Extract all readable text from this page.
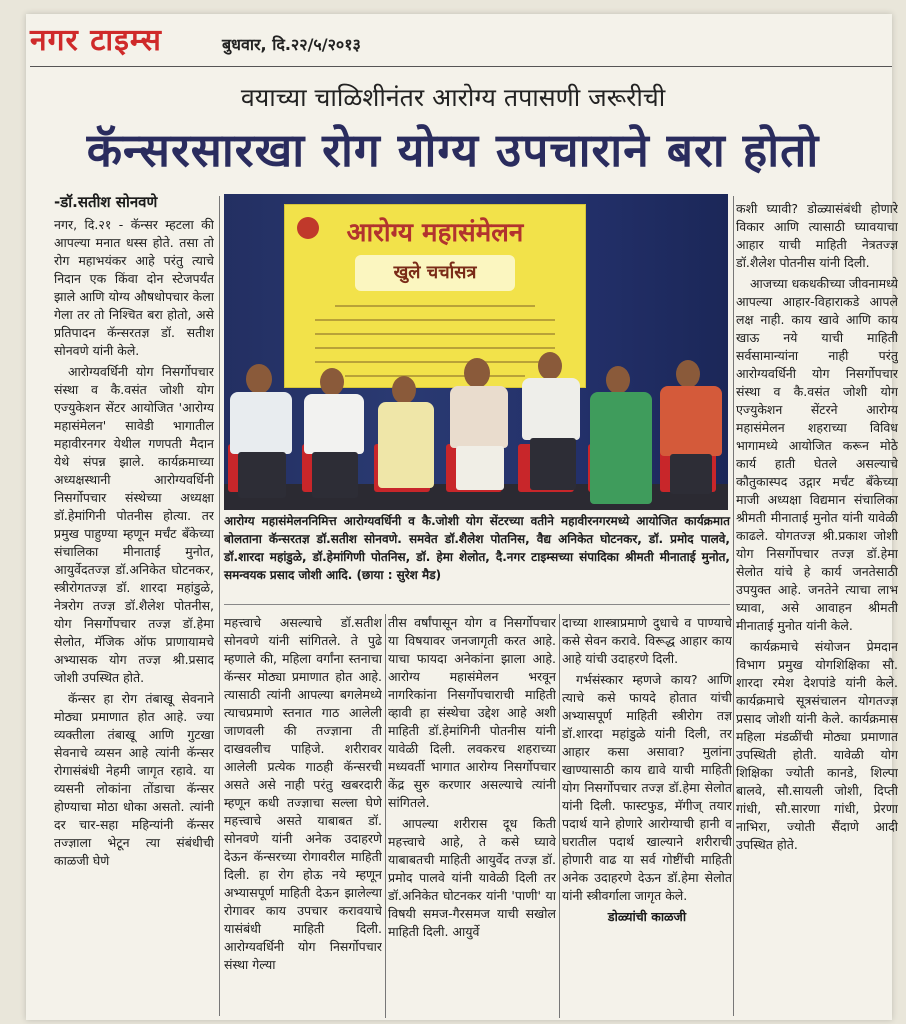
नगर टाइम्स	बुधवार, दि.२२/५/२०१३
वयाच्या चाळिशीनंतर आरोग्य तपासणी जरूरीची
कॅन्सरसारखा रोग योग्य उपचाराने बरा होतो
-डॉ.सतीश सोनवणे

नगर, दि.२१ - कॅन्सर म्हटला की आपल्या मनात धस्स होते. तसा तो रोग महाभयंकर आहे परंतु त्याचे निदान एक किंवा दोन स्टेजपर्यंत झाले आणि योग्य औषधोपचार केला गेला तर तो निश्चित बरा होतो, असे प्रतिपादन कॅन्सरतज्ञ डॉ. सतीश सोनवणे यांनी केले.

आरोग्यवर्धिनी योग निसर्गोपचार संस्था व कै.वसंत जोशी योग एज्युकेशन सेंटर आयोजित 'आरोग्य महासंमेलन' सावेडी भागातील महावीरनगर येथील गणपती मैदान येथे संपन्न झाले. कार्यक्रमाच्या अध्यक्षस्थानी आरोग्यवर्धिनी निसर्गोपचार संस्थेच्या अध्यक्षा डॉ.हेमांगिनी पोतनीस होत्या. तर प्रमुख पाहुण्या म्हणून मर्चंट बँकेच्या संचालिका मीनाताई मुनोत, आयुर्वेदतज्ज्ञ डॉ.अनिकेत घोटनकर, स्त्रीरोगतज्ज्ञ डॉ. शारदा महांडुळे, नेत्ररोग तज्ज्ञ डॉ.शैलेश पोतनीस, योग निसर्गोपचार तज्ज्ञ डॉ.हेमा सेलोत, मॅजिक ऑफ प्राणायामचे अभ्यासक योग तज्ज्ञ श्री.प्रसाद जोशी उपस्थित होते.

कॅन्सर हा रोग तंबाखू सेवनाने मोठ्या प्रमाणात होत आहे. ज्या व्यक्तीला तंबाखू आणि गुटखा सेवनाचे व्यसन आहे त्यांनी कॅन्सर रोगासंबंधी नेहमी जागृत रहावे. या व्यसनी लोकांना तोंडाचा कॅन्सर होण्याचा मोठा धोका असतो. त्यांनी दर चार-सहा महिन्यांनी कॅन्सर तज्ज्ञाला भेटून त्या संबंधीची काळजी घेणे

आरोग्य महासंमेलन
खुले चर्चासत्र
आरोग्य महासंमेलननिमित्त आरोग्यवर्धिनी व कै.जोशी योग सेंटरच्या वतीने महावीरनगरमध्ये आयोजित कार्यक्रमात बोलताना कॅन्सरतज्ञ डॉ.सतीश सोनवणे. समवेत डॉ.शैलेश पोतनिस, वैद्य अनिकेत घोटनकर, डॉ. प्रमोद पालवे, डॉ.शारदा महांडुळे, डॉ.हेमांगिणी पोतनिस, डॉ. हेमा शेलोत, दै.नगर टाइम्सच्या संपादिका श्रीमती मीनाताई मुनोत, समन्वयक प्रसाद जोशी आदि. (छाया : सुरेश मैड)

महत्त्वाचे असल्याचे डॉ.सतीश सोनवणे यांनी सांगितले. ते पुढे म्हणाले की, महिला वर्गांना स्तनाचा कॅन्सर मोठ्या प्रमाणात होत आहे. त्यासाठी त्यांनी आपल्या बगलेमध्ये त्याचप्रमाणे स्तनात गाठ आलेली जाणवली की तज्ज्ञाना ती दाखवलीच पाहिजे. शरीरावर आलेली प्रत्येक गाठही कॅन्सरची असते असे नाही परंतु खबरदारी म्हणून कधी तज्ज्ञाचा सल्ला घेणे महत्त्वाचे असते याबाबत डॉ. सोनवणे यांनी अनेक उदाहरणे देऊन कॅन्सरच्या रोगावरील माहिती दिली. हा रोग होऊ नये म्हणून अभ्यासपूर्ण माहिती देऊन झालेल्या रोगावर काय उपचार करावयाचे यासंबंधी माहिती दिली. आरोग्यवर्धिनी योग निसर्गोपचार संस्था गेल्या

तीस वर्षांपासून योग व निसर्गोपचार या विषयावर जनजागृती करत आहे. याचा फायदा अनेकांना झाला आहे. आरोग्य महासंमेलन भरवून नागरिकांना निसर्गोपचाराची माहिती व्हावी हा संस्थेचा उद्देश आहे अशी माहिती डॉ.हेमांगिनी पोतनीस यांनी यावेळी दिली. लवकरच शहराच्या मध्यवर्ती भागात आरोग्य निसर्गोपचार केंद्र सुरु करणार असल्याचे त्यांनी सांगितले.

आपल्या शरीरास दूध किती महत्त्वाचे आहे, ते कसे घ्यावे याबाबतची माहिती आयुर्वेद तज्ज्ञ डॉ. प्रमोद पालवे यांनी यावेळी दिली तर डॉ.अनिकेत घोटनकर यांनी 'पाणी' या विषयी समज-गैरसमज याची सखोल माहिती दिली. आयुर्वे

दाच्या शास्त्राप्रमाणे दुधाचे व पाण्याचे कसे सेवन करावे. विरूद्ध आहार काय आहे यांची उदाहरणे दिली.

गर्भसंस्कार म्हणजे काय? आणि त्याचे कसे फायदे होतात यांची अभ्यासपूर्ण माहिती स्त्रीरोग तज्ञ डॉ.शारदा महांडुळे यांनी दिली, तर आहार कसा असावा? मुलांना खाण्यासाठी काय द्यावे याची माहिती योग निसर्गोपचार तज्ज्ञ डॉ.हेमा सेलोत यांनी दिली. फास्टफुड, मॅगीज् तयार पदार्थ याने होणारे आरोग्याची हानी व घरातील पदार्थ खाल्याने शरीराची होणारी वाढ या सर्व गोष्टींची माहिती अनेक उदाहरणे देऊन डॉ.हेमा सेलोत यांनी स्त्रीवर्गाला जागृत केले.

डोळ्यांची काळजी

कशी घ्यावी? डोळ्यासंबंधी होणारे विकार आणि त्यासाठी घ्यावयाचा आहार याची माहिती नेत्रतज्ज्ञ डॉ.शैलेश पोतनीस यांनी दिली.

आजच्या धकधकीच्या जीवनामध्ये आपल्या आहार-विहाराकडे आपले लक्ष नाही. काय खावे आणि काय खाऊ नये याची माहिती सर्वसामान्यांना नाही परंतु आरोग्यवर्धिनी योग निसर्गोपचार संस्था व कै.वसंत जोशी योग एज्युकेशन सेंटरने आरोग्य महासंमेलन शहराच्या विविध भागामध्ये आयोजित करून मोठे कार्य हाती घेतले असल्याचे कौतुकास्पद उद्गार मर्चंट बँकेच्या माजी अध्यक्षा विद्यमान संचालिका श्रीमती मीनाताई मुनोत यांनी यावेळी काढले. योगतज्ज्ञ श्री.प्रकाश जोशी योग निसर्गोपचार तज्ज्ञ डॉ.हेमा सेलोत यांचे हे कार्य जनतेसाठी उपयुक्त आहे. जनतेने त्याचा लाभ घ्यावा, असे आवाहन श्रीमती मीनाताई मुनोत यांनी केले.

कार्यक्रमाचे संयोजन प्रेमदान विभाग प्रमुख योगशिक्षिका सौ. शारदा रमेश देशपांडे यांनी केले. कार्यक्रमाचे सूत्रसंचालन योगतज्ज्ञ प्रसाद जोशी यांनी केले. कार्यक्रमास महिला मंडळींची मोठ्या प्रमाणात उपस्थिती होती. यावेळी योग शिक्षिका ज्योती कानडे, शिल्पा बालवे, सौ.सायली जोशी, दिप्ती गांधी, सौ.सारणा गांधी, प्रेरणा नाभिरा, ज्योती सैंदाणे आदी उपस्थित होते.
